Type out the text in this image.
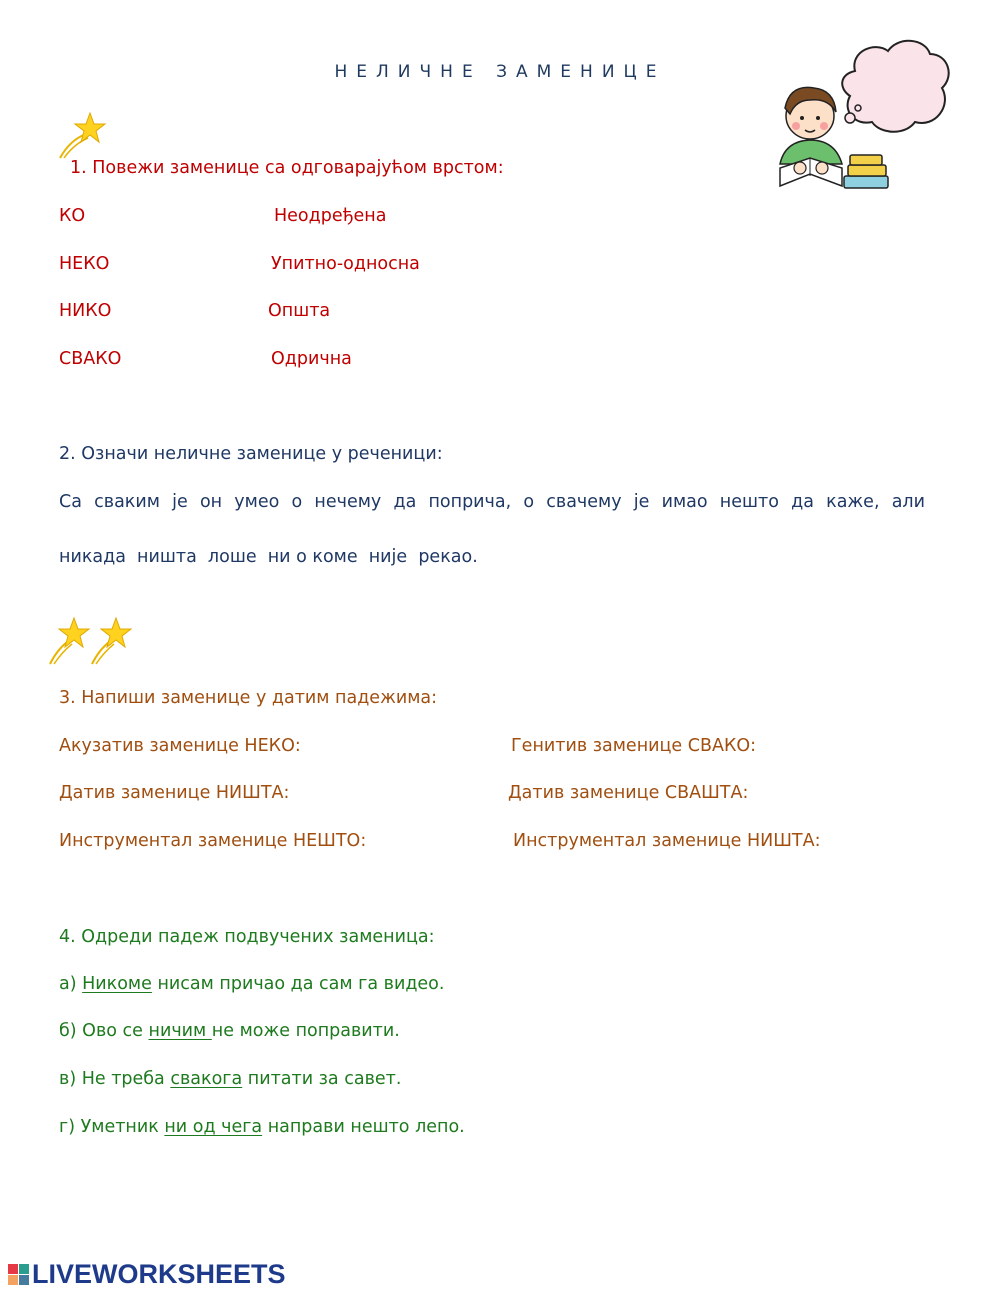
НЕЛИЧНЕ ЗАМЕНИЦЕ
1. Повежи заменице са одговарајућом врстом:
КО
НЕКО
НИКО
СВАКО
Неодређена
Упитно-односна
Општа
Одрична
2. Означи неличне заменице у реченици:
Са сваким је он умео о нечему да поприча, о свачему је имао нешто да каже, али
никада  ништа  лоше  ни о коме  није  рекао.
3. Напиши заменице у датим падежима:
Акузатив заменице НЕКО:
Датив заменице НИШТА:
Инструментал заменице НЕШТО:
Генитив заменице СВАКО:
Датив заменице СВАШТА:
Инструментал заменице НИШТА:
4. Одреди падеж подвучених заменица:
а) Никоме нисам причао да сам га видео.
б) Ово се ничим не може поправити.
в) Не треба свакога питати за савет.
г) Уметник ни од чега направи нешто лепо.
LIVEWORKSHEETS
